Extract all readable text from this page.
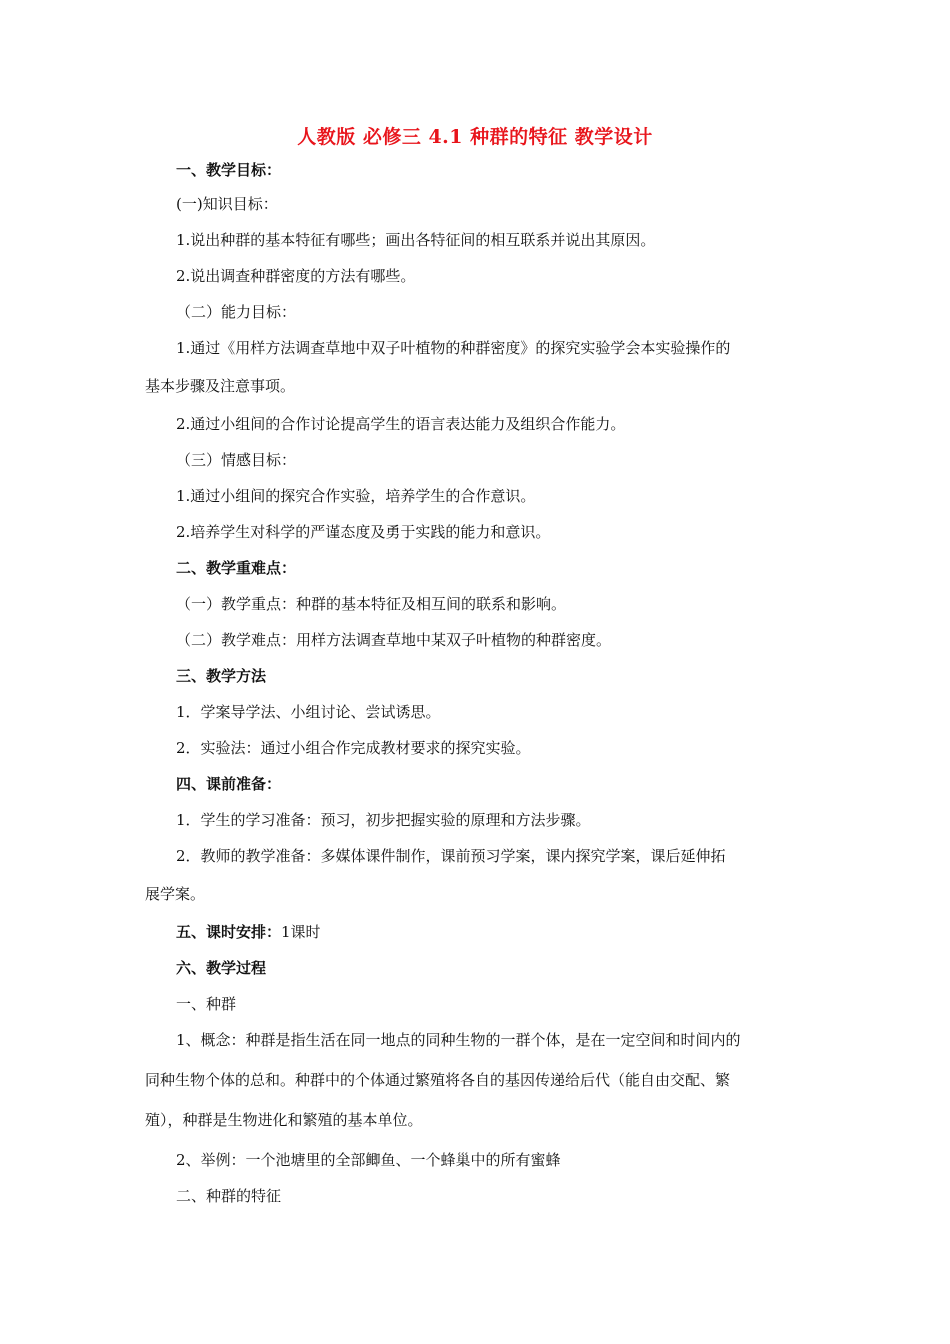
人教版 必修三 4.1 种群的特征 教学设计
一、教学目标：
(一)知识目标：
1.说出种群的基本特征有哪些；画出各特征间的相互联系并说出其原因。
2.说出调查种群密度的方法有哪些。
（二）能力目标：
1.通过《用样方法调查草地中双子叶植物的种群密度》的探究实验学会本实验操作的
基本步骤及注意事项。
2.通过小组间的合作讨论提高学生的语言表达能力及组织合作能力。
（三）情感目标：
1.通过小组间的探究合作实验，培养学生的合作意识。
2.培养学生对科学的严谨态度及勇于实践的能力和意识。
二、教学重难点：
（一）教学重点：种群的基本特征及相互间的联系和影响。
（二）教学难点：用样方法调查草地中某双子叶植物的种群密度。
三、教学方法
1．学案导学法、小组讨论、尝试诱思。
2．实验法：通过小组合作完成教材要求的探究实验。
四、课前准备：
1．学生的学习准备：预习，初步把握实验的原理和方法步骤。
2．教师的教学准备：多媒体课件制作，课前预习学案，课内探究学案，课后延伸拓
展学案。
五、课时安排：1课时
六、教学过程
一、种群
1、概念：种群是指生活在同一地点的同种生物的一群个体，是在一定空间和时间内的
同种生物个体的总和。种群中的个体通过繁殖将各自的基因传递给后代（能自由交配、繁
殖），种群是生物进化和繁殖的基本单位。
2、举例：一个池塘里的全部鲫鱼、一个蜂巢中的所有蜜蜂
二、种群的特征
